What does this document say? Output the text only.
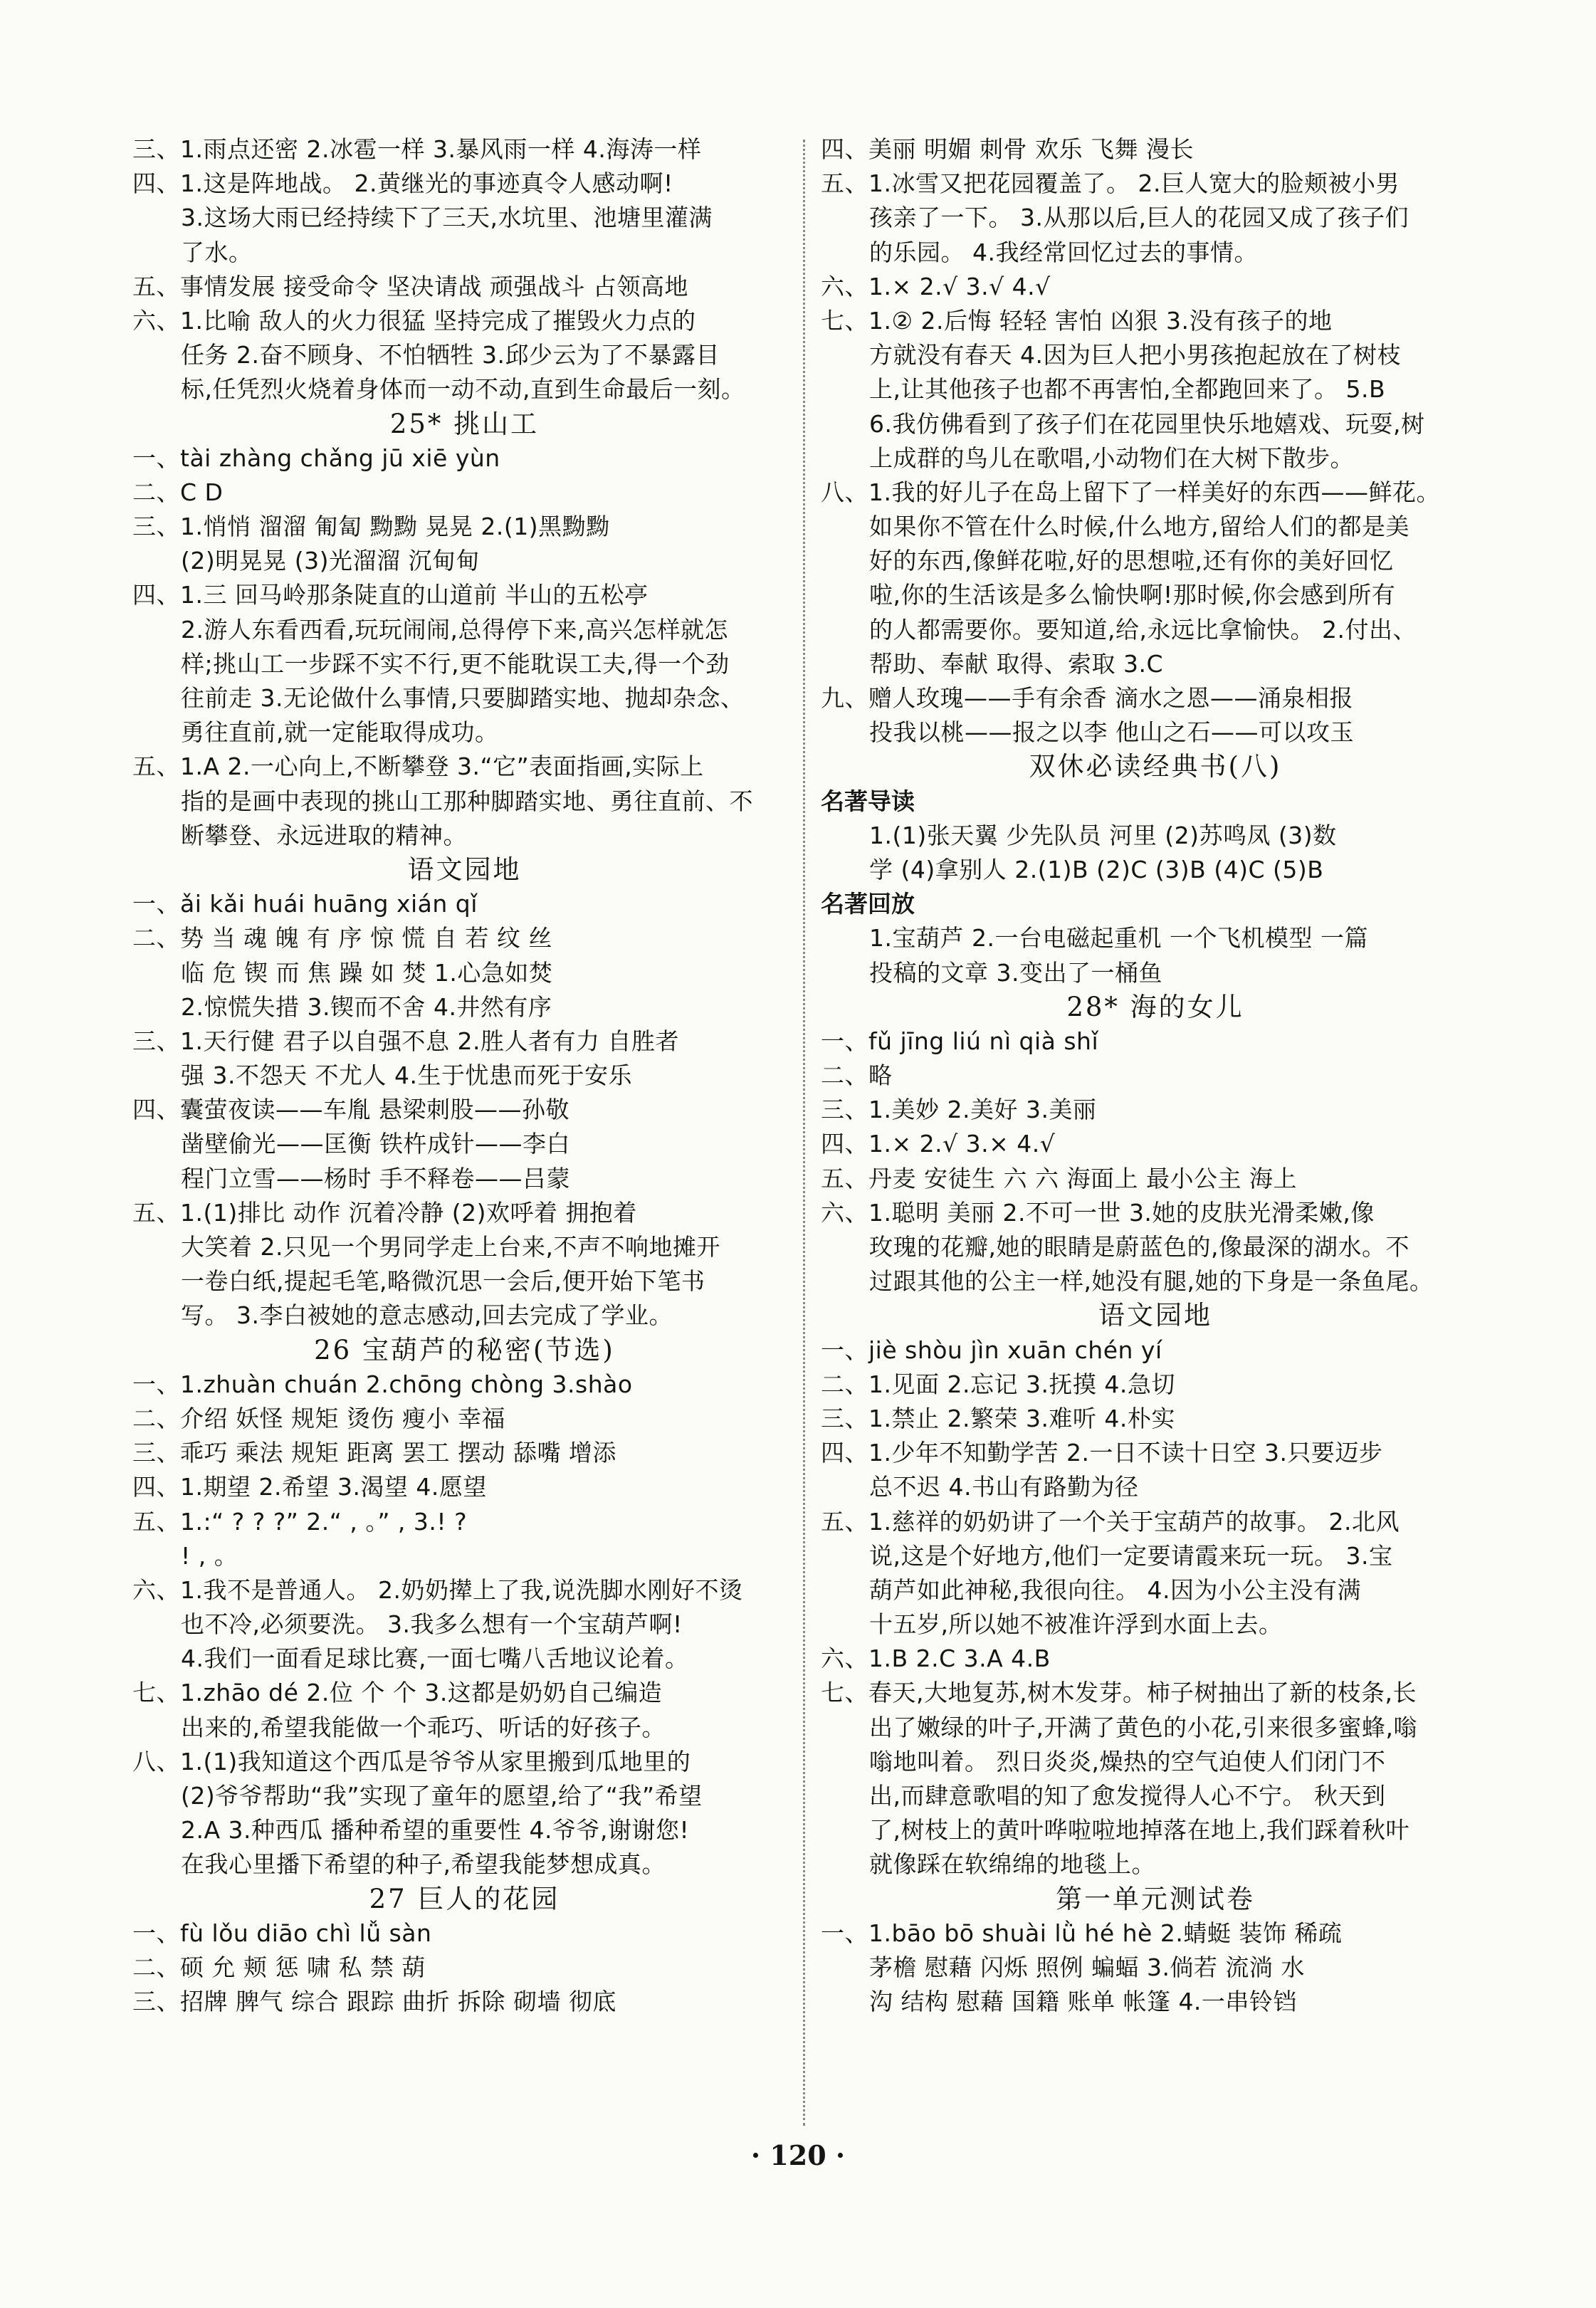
三、1.雨点还密 2.冰雹一样 3.暴风雨一样 4.海涛一样
四、1.这是阵地战。 2.黄继光的事迹真令人感动啊!
3.这场大雨已经持续下了三天,水坑里、池塘里灌满
了水。
五、事情发展 接受命令 坚决请战 顽强战斗 占领高地
六、1.比喻 敌人的火力很猛 坚持完成了摧毁火力点的
任务 2.奋不顾身、不怕牺牲 3.邱少云为了不暴露目
标,任凭烈火烧着身体而一动不动,直到生命最后一刻。
25* 挑山工
一、tài zhàng chǎng jū xiē yùn
二、C D
三、1.悄悄 溜溜 匍匐 黝黝 晃晃 2.(1)黑黝黝
(2)明晃晃 (3)光溜溜 沉甸甸
四、1.三 回马岭那条陡直的山道前 半山的五松亭
2.游人东看西看,玩玩闹闹,总得停下来,高兴怎样就怎
样;挑山工一步踩不实不行,更不能耽误工夫,得一个劲
往前走 3.无论做什么事情,只要脚踏实地、抛却杂念、
勇往直前,就一定能取得成功。
五、1.A 2.一心向上,不断攀登 3.“它”表面指画,实际上
指的是画中表现的挑山工那种脚踏实地、勇往直前、不
断攀登、永远进取的精神。
语文园地
一、ǎi kǎi huái huāng xián qǐ
二、势 当 魂 魄 有 序 惊 慌 自 若 纹 丝
临 危 锲 而 焦 躁 如 焚 1.心急如焚
2.惊慌失措 3.锲而不舍 4.井然有序
三、1.天行健 君子以自强不息 2.胜人者有力 自胜者
强 3.不怨天 不尤人 4.生于忧患而死于安乐
四、囊萤夜读——车胤 悬梁刺股——孙敬
凿壁偷光——匡衡 铁杵成针——李白
程门立雪——杨时 手不释卷——吕蒙
五、1.(1)排比 动作 沉着冷静 (2)欢呼着 拥抱着
大笑着 2.只见一个男同学走上台来,不声不响地摊开
一卷白纸,提起毛笔,略微沉思一会后,便开始下笔书
写。 3.李白被她的意志感动,回去完成了学业。
26 宝葫芦的秘密(节选)
一、1.zhuàn chuán 2.chōng chòng 3.shào
二、介绍 妖怪 规矩 烫伤 瘦小 幸福
三、乖巧 乘法 规矩 距离 罢工 摆动 舔嘴 增添
四、1.期望 2.希望 3.渴望 4.愿望
五、1.:“ ? ? ?” 2.“ , 。” , 3.! ?
! , 。
六、1.我不是普通人。 2.奶奶撵上了我,说洗脚水刚好不烫
也不冷,必须要洗。 3.我多么想有一个宝葫芦啊!
4.我们一面看足球比赛,一面七嘴八舌地议论着。
七、1.zhāo dé 2.位 个 个 3.这都是奶奶自己编造
出来的,希望我能做一个乖巧、听话的好孩子。
八、1.(1)我知道这个西瓜是爷爷从家里搬到瓜地里的
(2)爷爷帮助“我”实现了童年的愿望,给了“我”希望
2.A 3.种西瓜 播种希望的重要性 4.爷爷,谢谢您!
在我心里播下希望的种子,希望我能梦想成真。
27 巨人的花园
一、fù lǒu diāo chì lǚ sàn
二、硕 允 颊 惩 啸 私 禁 葫
三、招牌 脾气 综合 跟踪 曲折 拆除 砌墙 彻底
四、美丽 明媚 刺骨 欢乐 飞舞 漫长
五、1.冰雪又把花园覆盖了。 2.巨人宽大的脸颊被小男
孩亲了一下。 3.从那以后,巨人的花园又成了孩子们
的乐园。 4.我经常回忆过去的事情。
六、1.× 2.√ 3.√ 4.√
七、1.② 2.后悔 轻轻 害怕 凶狠 3.没有孩子的地
方就没有春天 4.因为巨人把小男孩抱起放在了树枝
上,让其他孩子也都不再害怕,全都跑回来了。 5.B
6.我仿佛看到了孩子们在花园里快乐地嬉戏、玩耍,树
上成群的鸟儿在歌唱,小动物们在大树下散步。
八、1.我的好儿子在岛上留下了一样美好的东西——鲜花。
如果你不管在什么时候,什么地方,留给人们的都是美
好的东西,像鲜花啦,好的思想啦,还有你的美好回忆
啦,你的生活该是多么愉快啊!那时候,你会感到所有
的人都需要你。要知道,给,永远比拿愉快。 2.付出、
帮助、奉献 取得、索取 3.C
九、赠人玫瑰——手有余香 滴水之恩——涌泉相报
投我以桃——报之以李 他山之石——可以攻玉
双休必读经典书(八)
名著导读
1.(1)张天翼 少先队员 河里 (2)苏鸣凤 (3)数
学 (4)拿别人 2.(1)B (2)C (3)B (4)C (5)B
名著回放
1.宝葫芦 2.一台电磁起重机 一个飞机模型 一篇
投稿的文章 3.变出了一桶鱼
28* 海的女儿
一、fǔ jīng liú nì qià shǐ
二、略
三、1.美妙 2.美好 3.美丽
四、1.× 2.√ 3.× 4.√
五、丹麦 安徒生 六 六 海面上 最小公主 海上
六、1.聪明 美丽 2.不可一世 3.她的皮肤光滑柔嫩,像
玫瑰的花瓣,她的眼睛是蔚蓝色的,像最深的湖水。不
过跟其他的公主一样,她没有腿,她的下身是一条鱼尾。
语文园地
一、jiè shòu jìn xuān chén yí
二、1.见面 2.忘记 3.抚摸 4.急切
三、1.禁止 2.繁荣 3.难听 4.朴实
四、1.少年不知勤学苦 2.一日不读十日空 3.只要迈步
总不迟 4.书山有路勤为径
五、1.慈祥的奶奶讲了一个关于宝葫芦的故事。 2.北风
说,这是个好地方,他们一定要请霞来玩一玩。 3.宝
葫芦如此神秘,我很向往。 4.因为小公主没有满
十五岁,所以她不被准许浮到水面上去。
六、1.B 2.C 3.A 4.B
七、春天,大地复苏,树木发芽。柿子树抽出了新的枝条,长
出了嫩绿的叶子,开满了黄色的小花,引来很多蜜蜂,嗡
嗡地叫着。 烈日炎炎,燥热的空气迫使人们闭门不
出,而肆意歌唱的知了愈发搅得人心不宁。 秋天到
了,树枝上的黄叶哗啦啦地掉落在地上,我们踩着秋叶
就像踩在软绵绵的地毯上。
第一单元测试卷
一、1.bāo bō shuài lǜ hé hè 2.蜻蜓 装饰 稀疏
茅檐 慰藉 闪烁 照例 蝙蝠 3.倘若 流淌 水
沟 结构 慰藉 国籍 账单 帐篷 4.一串铃铛
· 120 ·
